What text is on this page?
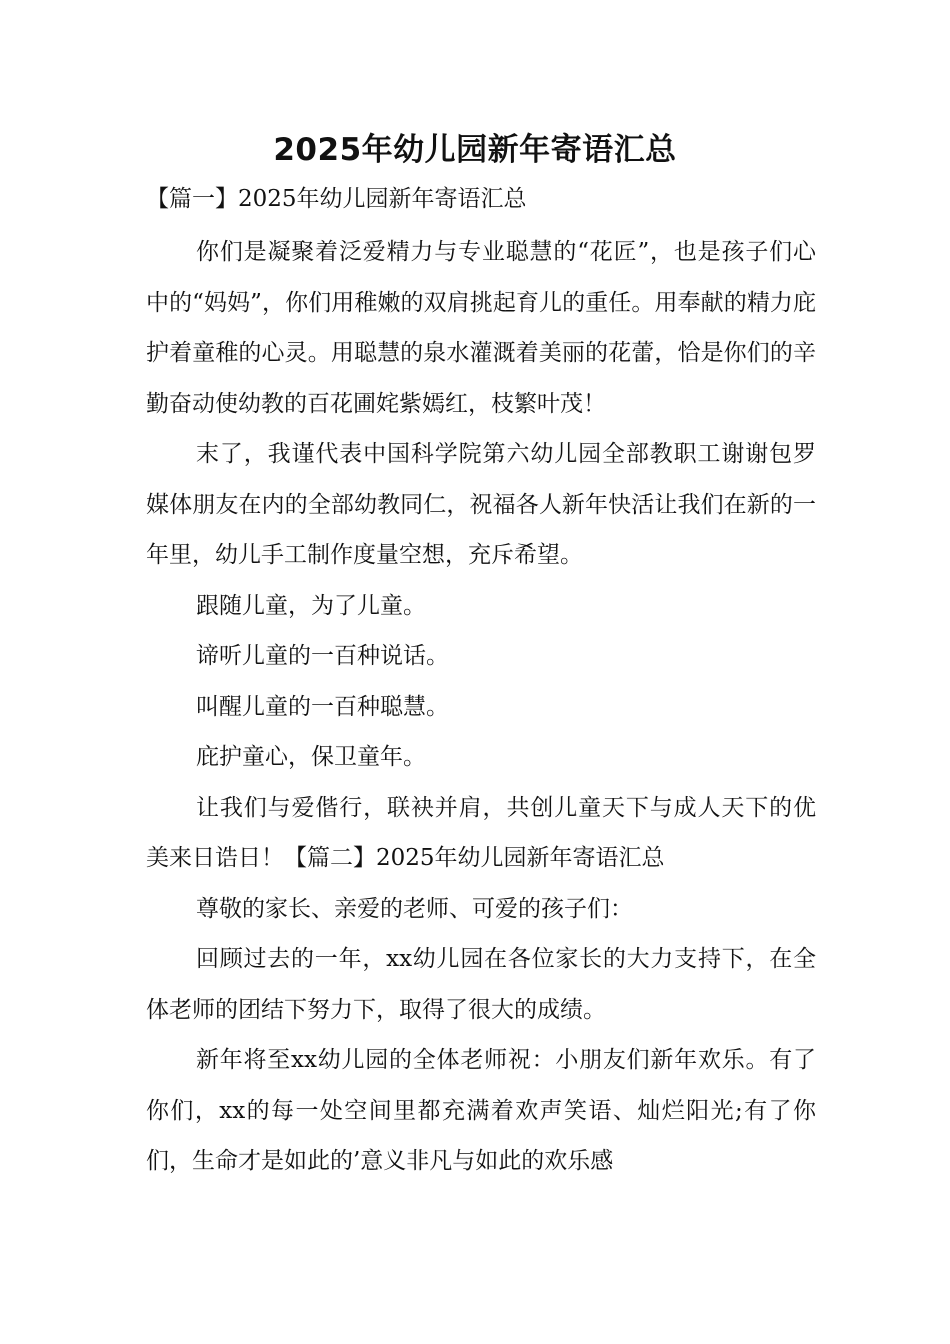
2025年幼儿园新年寄语汇总

【篇一】2025年幼儿园新年寄语汇总

你们是凝聚着泛爱精力与专业聪慧的“花匠”，也是孩子们心中的“妈妈”，你们用稚嫩的双肩挑起育儿的重任。用奉献的精力庇护着童稚的心灵。用聪慧的泉水灌溉着美丽的花蕾，恰是你们的辛勤奋动使幼教的百花圃姹紫嫣红，枝繁叶茂！

末了，我谨代表中国科学院第六幼儿园全部教职工谢谢包罗媒体朋友在内的全部幼教同仁，祝福各人新年快活让我们在新的一年里，幼儿手工制作度量空想，充斥希望。

跟随儿童，为了儿童。

谛听儿童的一百种说话。

叫醒儿童的一百种聪慧。

庇护童心，保卫童年。

让我们与爱偕行，联袂并肩，共创儿童天下与成人天下的优美来日诰日！【篇二】2025年幼儿园新年寄语汇总

尊敬的家长、亲爱的老师、可爱的孩子们：

回顾过去的一年，xx幼儿园在各位家长的大力支持下，在全体老师的团结下努力下，取得了很大的成绩。

新年将至xx幼儿园的全体老师祝：小朋友们新年欢乐。有了你们，xx的每一处空间里都充满着欢声笑语、灿烂阳光;有了你们，生命才是如此的’意义非凡与如此的欢乐感
